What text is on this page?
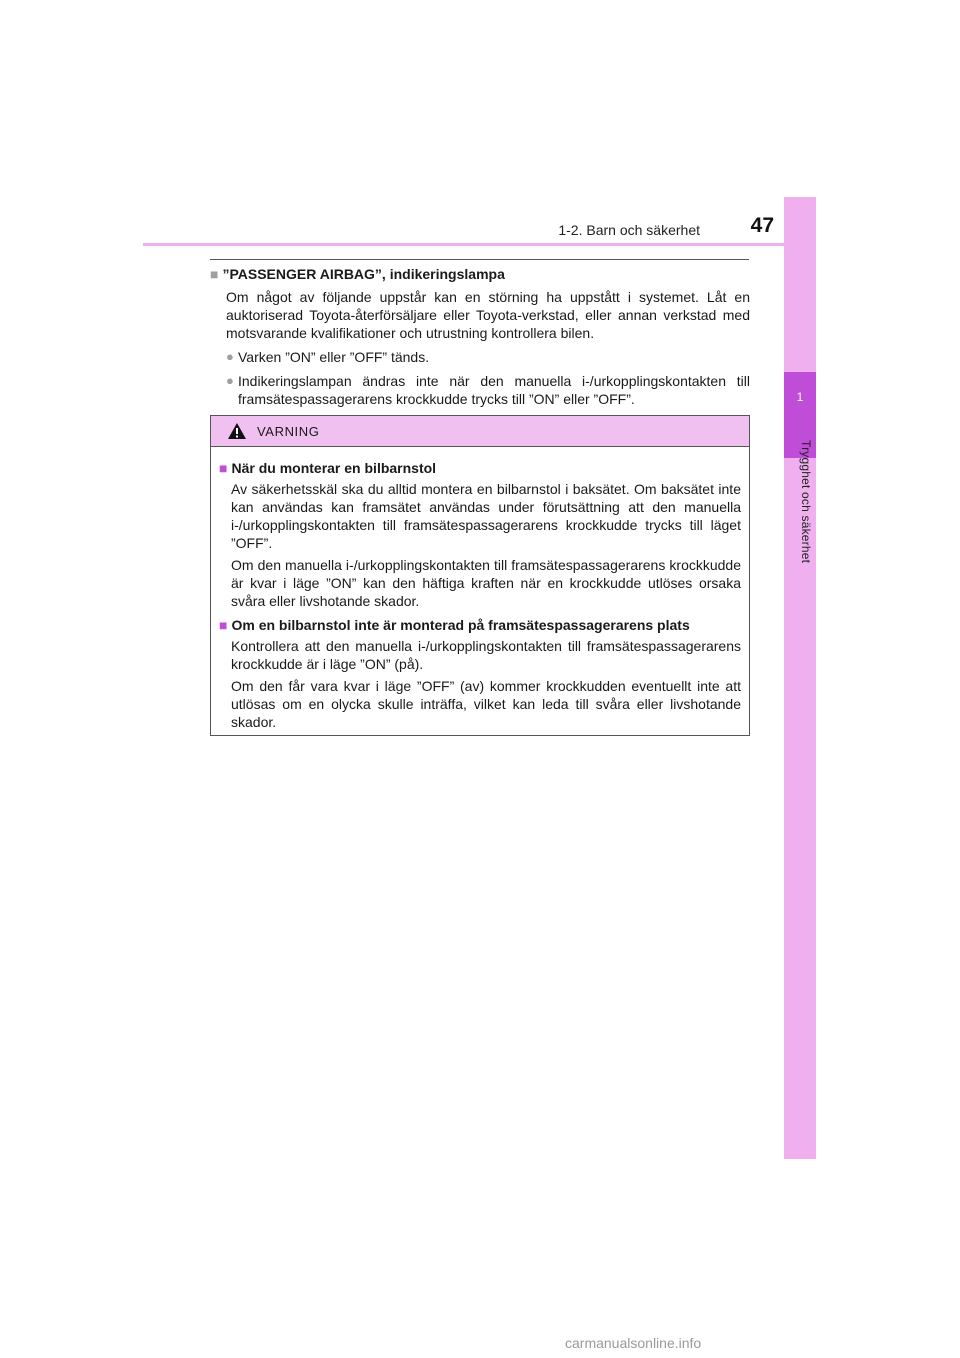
1
Trygghet och säkerhet
1-2. Barn och säkerhet	47
■ ”PASSENGER AIRBAG”, indikeringslampa

Om något av följande uppstår kan en störning ha uppstått i systemet. Låt en auktoriserad Toyota-återförsäljare eller Toyota-verkstad, eller annan verkstad med motsvarande kvalifikationer och utrustning kontrollera bilen.

● Varken ”ON” eller ”OFF” tänds.
● Indikeringslampan ändras inte när den manuella i-/urkopplingskontakten till framsätespassagerarens krockkudde trycks till ”ON” eller ”OFF”.
VARNING
■ När du monterar en bilbarnstol

Av säkerhetsskäl ska du alltid montera en bilbarnstol i baksätet. Om baksätet inte kan användas kan framsätet användas under förutsättning att den manuella i-/urkopplingskontakten till framsätespassagerarens krockkudde trycks till läget ”OFF”.

Om den manuella i-/urkopplingskontakten till framsätespassagerarens krockkudde är kvar i läge ”ON” kan den häftiga kraften när en krockkudde utlöses orsaka svåra eller livshotande skador.

■ Om en bilbarnstol inte är monterad på framsätespassagerarens plats

Kontrollera att den manuella i-/urkopplingskontakten till framsätespassagerarens krockkudde är i läge ”ON” (på).

Om den får vara kvar i läge ”OFF” (av) kommer krockkudden eventuellt inte att utlösas om en olycka skulle inträffa, vilket kan leda till svåra eller livshotande skador.

carmanualsonline.info
